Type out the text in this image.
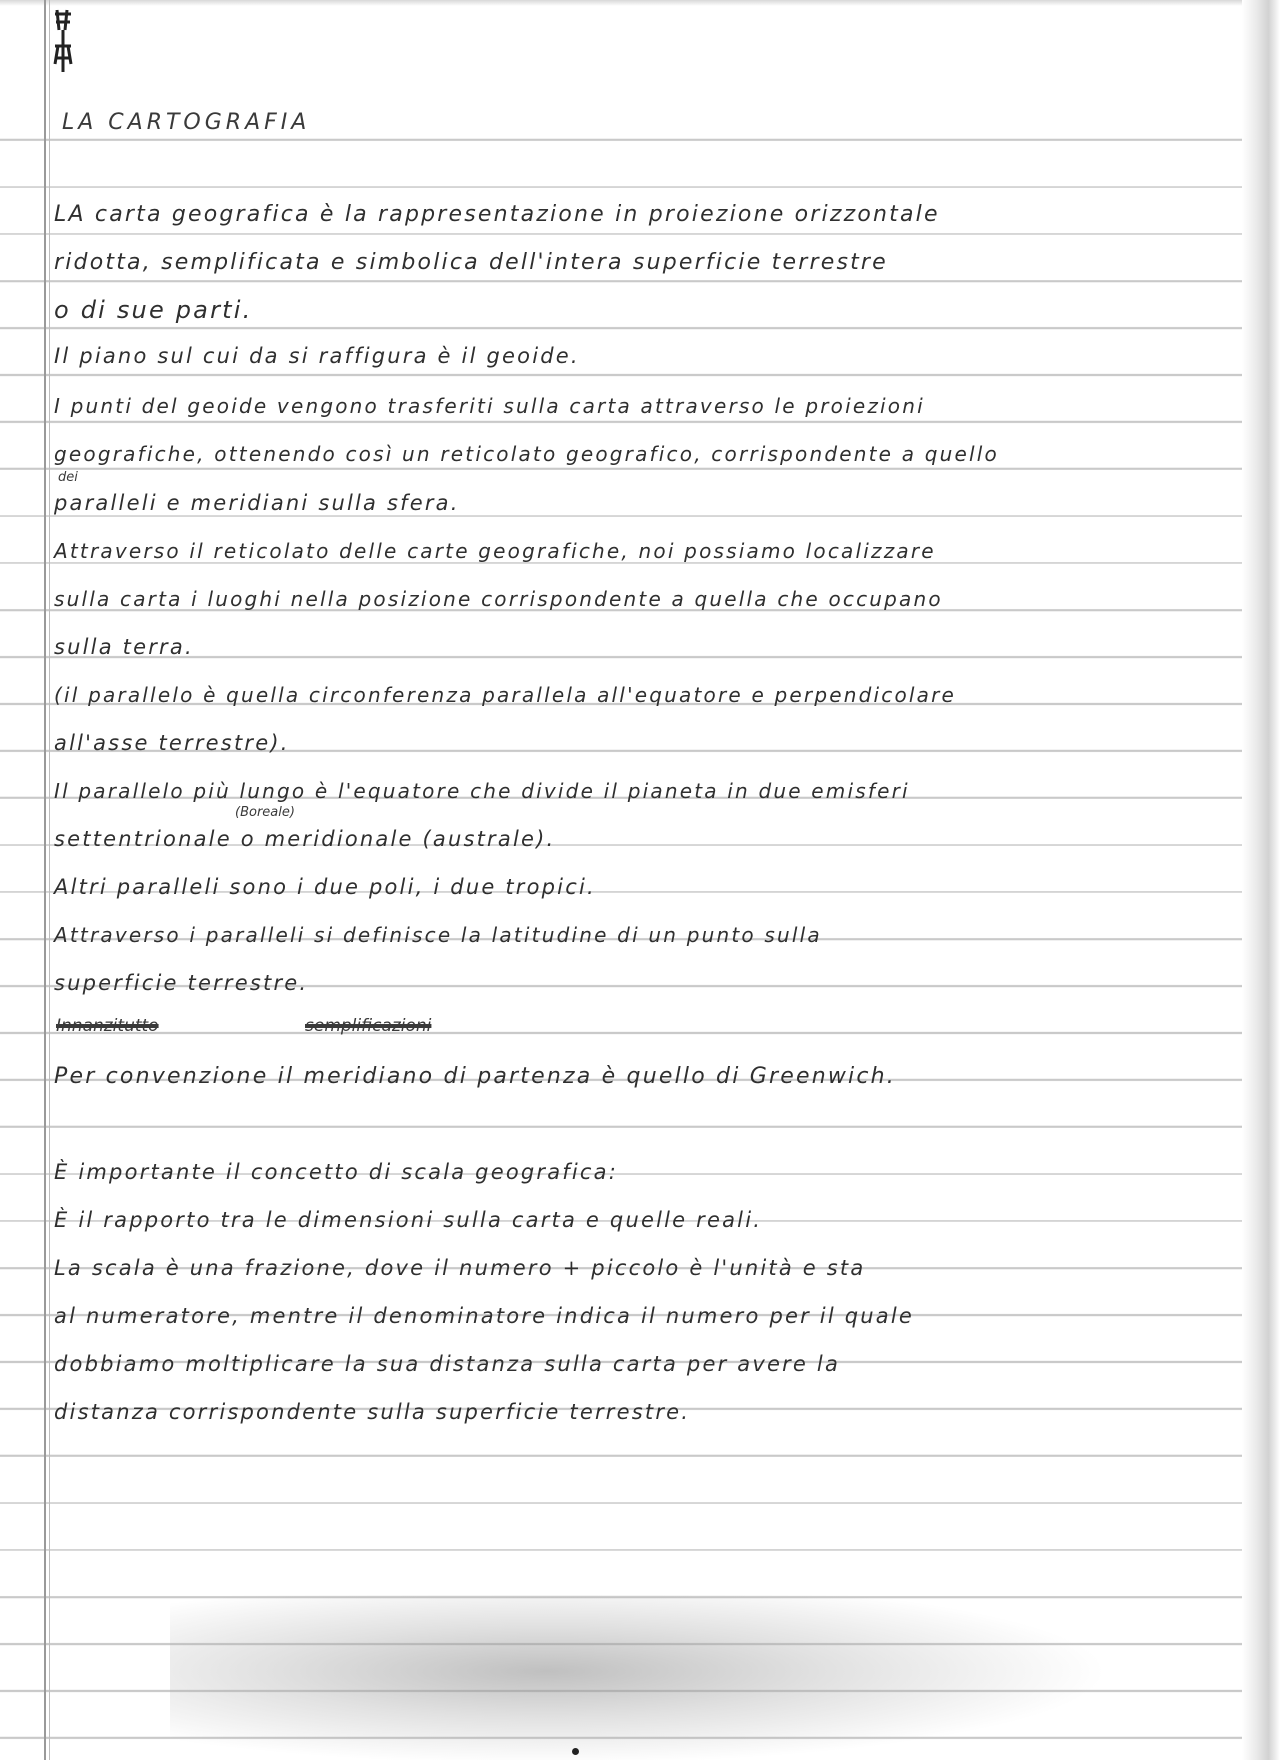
LA CARTOGRAFIA
LA carta geografica è la rappresentazione in proiezione orizzontale
ridotta, semplificata e simbolica dell'intera superficie terrestre
o di sue parti.
Il piano sul cui da si raffigura è il geoide.
I punti del geoide vengono trasferiti sulla carta attraverso le proiezioni
geografiche, ottenendo così un reticolato geografico, corrispondente a quello
dei
paralleli e meridiani sulla sfera.
Attraverso il reticolato delle carte geografiche, noi possiamo localizzare
sulla carta i luoghi nella posizione corrispondente a quella che occupano
sulla terra.
(il parallelo è quella circonferenza parallela all'equatore e perpendicolare
all'asse terrestre).
Il parallelo più lungo è l'equatore che divide il pianeta in due emisferi
(Boreale)
settentrionale o meridionale (australe).
Altri paralleli sono i due poli, i due tropici.
Attraverso i paralleli si definisce la latitudine di un punto sulla
superficie terrestre.
Innanzitutto	semplificazioni
Per convenzione il meridiano di partenza è quello di Greenwich.
È importante il concetto di scala geografica:
È il rapporto tra le dimensioni sulla carta e quelle reali.
La scala è una frazione, dove il numero + piccolo è l'unità e sta
al numeratore, mentre il denominatore indica il numero per il quale
dobbiamo moltiplicare la sua distanza sulla carta per avere la
distanza corrispondente sulla superficie terrestre.
